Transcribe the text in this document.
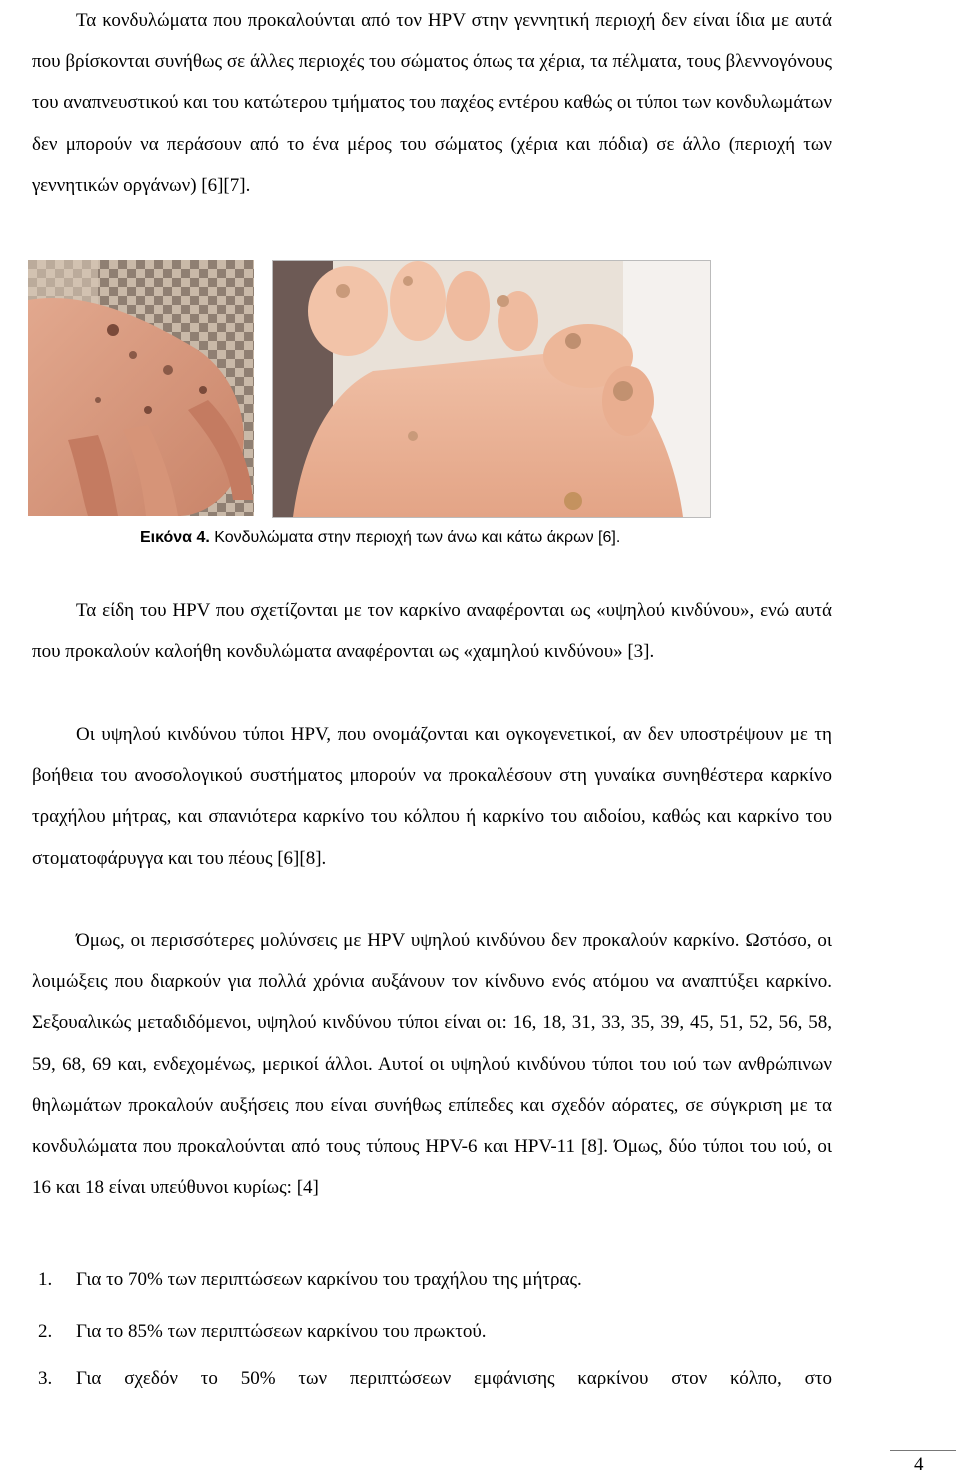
Τα κονδυλώματα που προκαλούνται από τον HPV στην γεννητική περιοχή δεν είναι ίδια με αυτά που βρίσκονται συνήθως σε άλλες περιοχές του σώματος όπως τα χέρια, τα πέλματα, τους βλεννογόνους του αναπνευστικού και του κατώτερου τμήματος του παχέος εντέρου καθώς οι τύποι των κονδυλωμάτων δεν μπορούν να περάσουν από το ένα μέρος του σώματος (χέρια και πόδια) σε άλλο (περιοχή των γεννητικών οργάνων) [6][7].

Εικόνα 4. Κονδυλώματα στην περιοχή των άνω και κάτω άκρων [6].

Τα είδη του HPV που σχετίζονται με τον καρκίνο αναφέρονται ως «υψηλού κινδύνου», ενώ αυτά που προκαλούν καλοήθη κονδυλώματα αναφέρονται ως «χαμηλού κινδύνου» [3].

Οι υψηλού κινδύνου τύποι HPV, που ονομάζονται και ογκογενετικοί, αν δεν υποστρέψουν με τη βοήθεια του ανοσολογικού συστήματος μπορούν να προκαλέσουν στη γυναίκα συνηθέστερα καρκίνο τραχήλου μήτρας, και σπανιότερα καρκίνο του κόλπου ή καρκίνο του αιδοίου, καθώς και καρκίνο του στοματοφάρυγγα και του πέους [6][8].

Όμως, οι περισσότερες μολύνσεις με HPV υψηλού κινδύνου δεν προκαλούν καρκίνο. Ωστόσο, οι λοιμώξεις που διαρκούν για πολλά χρόνια αυξάνουν τον κίνδυνο ενός ατόμου να αναπτύξει καρκίνο. Σεξουαλικώς μεταδιδόμενοι, υψηλού κινδύνου τύποι είναι οι: 16, 18, 31, 33, 35, 39, 45, 51, 52, 56, 58, 59, 68, 69 και, ενδεχομένως, μερικοί άλλοι. Αυτοί οι υψηλού κινδύνου τύποι του ιού των ανθρώπινων θηλωμάτων προκαλούν αυξήσεις που είναι συνήθως επίπεδες και σχεδόν αόρατες, σε σύγκριση με τα κονδυλώματα που προκαλούνται από τους τύπους HPV-6 και HPV-11 [8]. Όμως, δύο τύποι του ιού, οι 16 και 18 είναι υπεύθυνοι κυρίως: [4]

1. Για το 70% των περιπτώσεων καρκίνου του τραχήλου της μήτρας.
2. Για το 85% των περιπτώσεων καρκίνου του πρωκτού.
3. Για σχεδόν το 50% των περιπτώσεων εμφάνισης καρκίνου στον κόλπο, στο
4
